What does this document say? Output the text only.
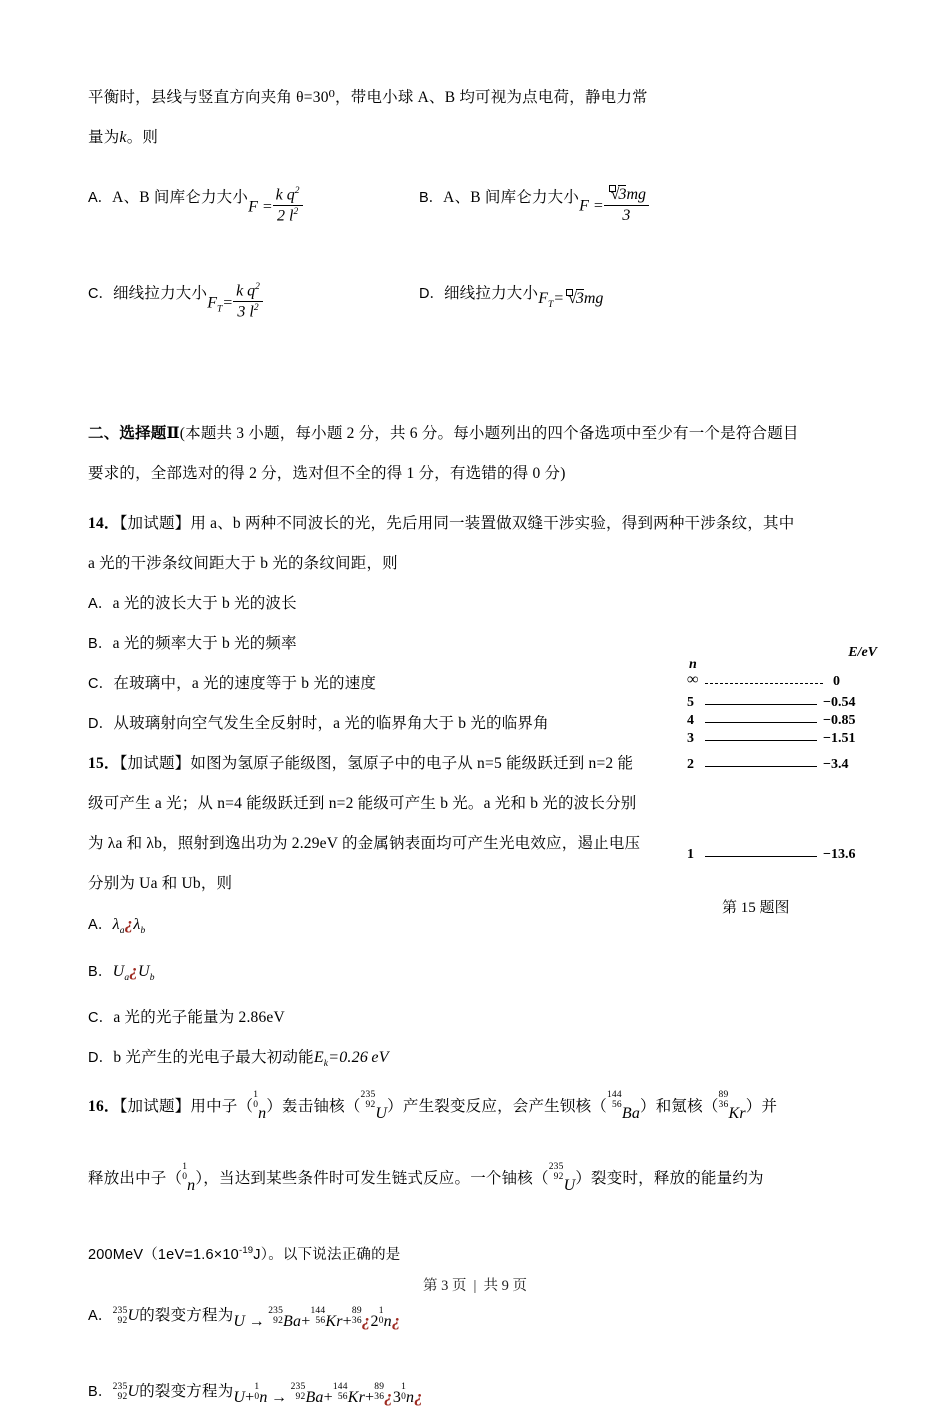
平衡时，县线与竖直方向夹角 θ=30⁰，带电小球 A、B 均可视为点电荷，静电力常
量为k。则
A．A、B 间库仑力大小$F = \frac{k q^2}{2 l^2}$	B．A、B 间库仑力大小$F = \frac{√3mg}{3}$
C．细线拉力大小$F_T= \frac{k q^2}{3 l^2}$	D．细线拉力大小$F_T= √3mg$
二、选择题Ⅱ(本题共 3 小题，每小题 2 分，共 6 分。每小题列出的四个备选项中至少有一个是符合题目
要求的，全部选对的得 2 分，选对但不全的得 1 分，有选错的得 0 分)
14．【加试题】用 a、b 两种不同波长的光，先后用同一装置做双缝干涉实验，得到两种干涉条纹，其中
a 光的干涉条纹间距大于 b 光的条纹间距，则
A．a 光的波长大于 b 光的波长
B．a 光的频率大于 b 光的频率
C．在玻璃中，a 光的速度等于 b 光的速度
D．从玻璃射向空气发生全反射时，a 光的临界角大于 b 光的临界角
15．【加试题】如图为氢原子能级图，氢原子中的电子从 n=5 能级跃迁到 n=2 能
级可产生 a 光；从 n=4 能级跃迁到 n=2 能级可产生 b 光。a 光和 b 光的波长分别
为 λa 和 λb，照射到逸出功为 2.29eV 的金属钠表面均可产生光电效应，遏止电压
分别为 Ua 和 Ub，则
A．$\lambda_a¿\lambda_b$
B．$U_a¿U_b$
C．a 光的光子能量为 2.86eV
D．b 光产生的光电子最大初动能$E_k=0.26$  eV
16．【加试题】用中子（
1
0 n）轰击铀核（
235
92 U）产生裂变反应，会产生钡核（
144
56 Ba）和氪核（
89
36 Kr）并
释放出中子（
1
0 n），当达到某些条件时可发生链式反应。一个铀核（
235
92 U）裂变时，释放的能量约为
$200MeV(1eV=1.6\times 10^{-19}J)$。以下说法正确的是
A． 235
92 U的裂变方程为U  → 
235
92 Ba+
144
56 Kr+
89
36 ¿2
1
0 n¿
B． 235
92 U的裂变方程为U+
1
0 n  → 
235
92 Ba+
144
56 Kr+
89
36 ¿3
1
0 n¿
E/eV
n
∞	0
5	−0.54
4	−0.85
3	−1.51
2	−3.4
1	−13.6
第 15 题图
第 3 页 | 共 9 页
